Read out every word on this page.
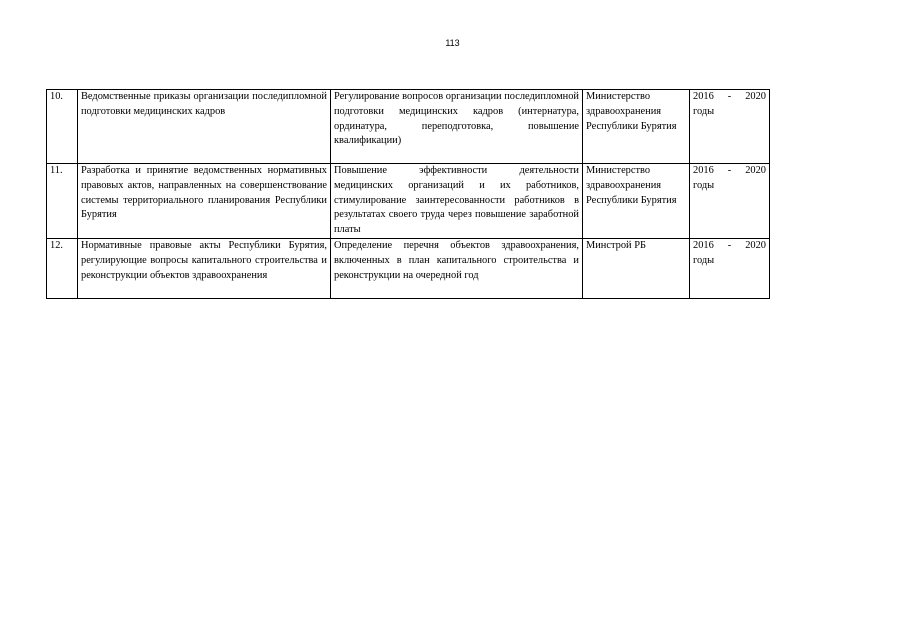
113
10.	Ведомственные приказы организации последипломной подготовки медицинских кадров	Регулирование вопросов организации последипломной подготовки медицинских кадров (интернатура, ординатура, переподготовка, повышение квалификации)	Министерство здравоохранения Республики Бурятия	2016 - 2020 годы
11.	Разработка и принятие ведомственных нормативных правовых актов, направленных на совершенствование системы территориального планирования Республики Бурятия	Повышение эффективности деятельности медицинских организаций и их работников, стимулирование заинтересованности работников в результатах своего труда через повышение заработной платы	Министерство здравоохранения Республики Бурятия	2016 - 2020 годы
12.	Нормативные правовые акты Республики Бурятия, регулирующие вопросы капитального строительства и реконструкции объектов здравоохранения	Определение перечня объектов здравоохранения, включенных в план капитального строительства и реконструкции на очередной год	Минстрой РБ	2016 - 2020 годы
